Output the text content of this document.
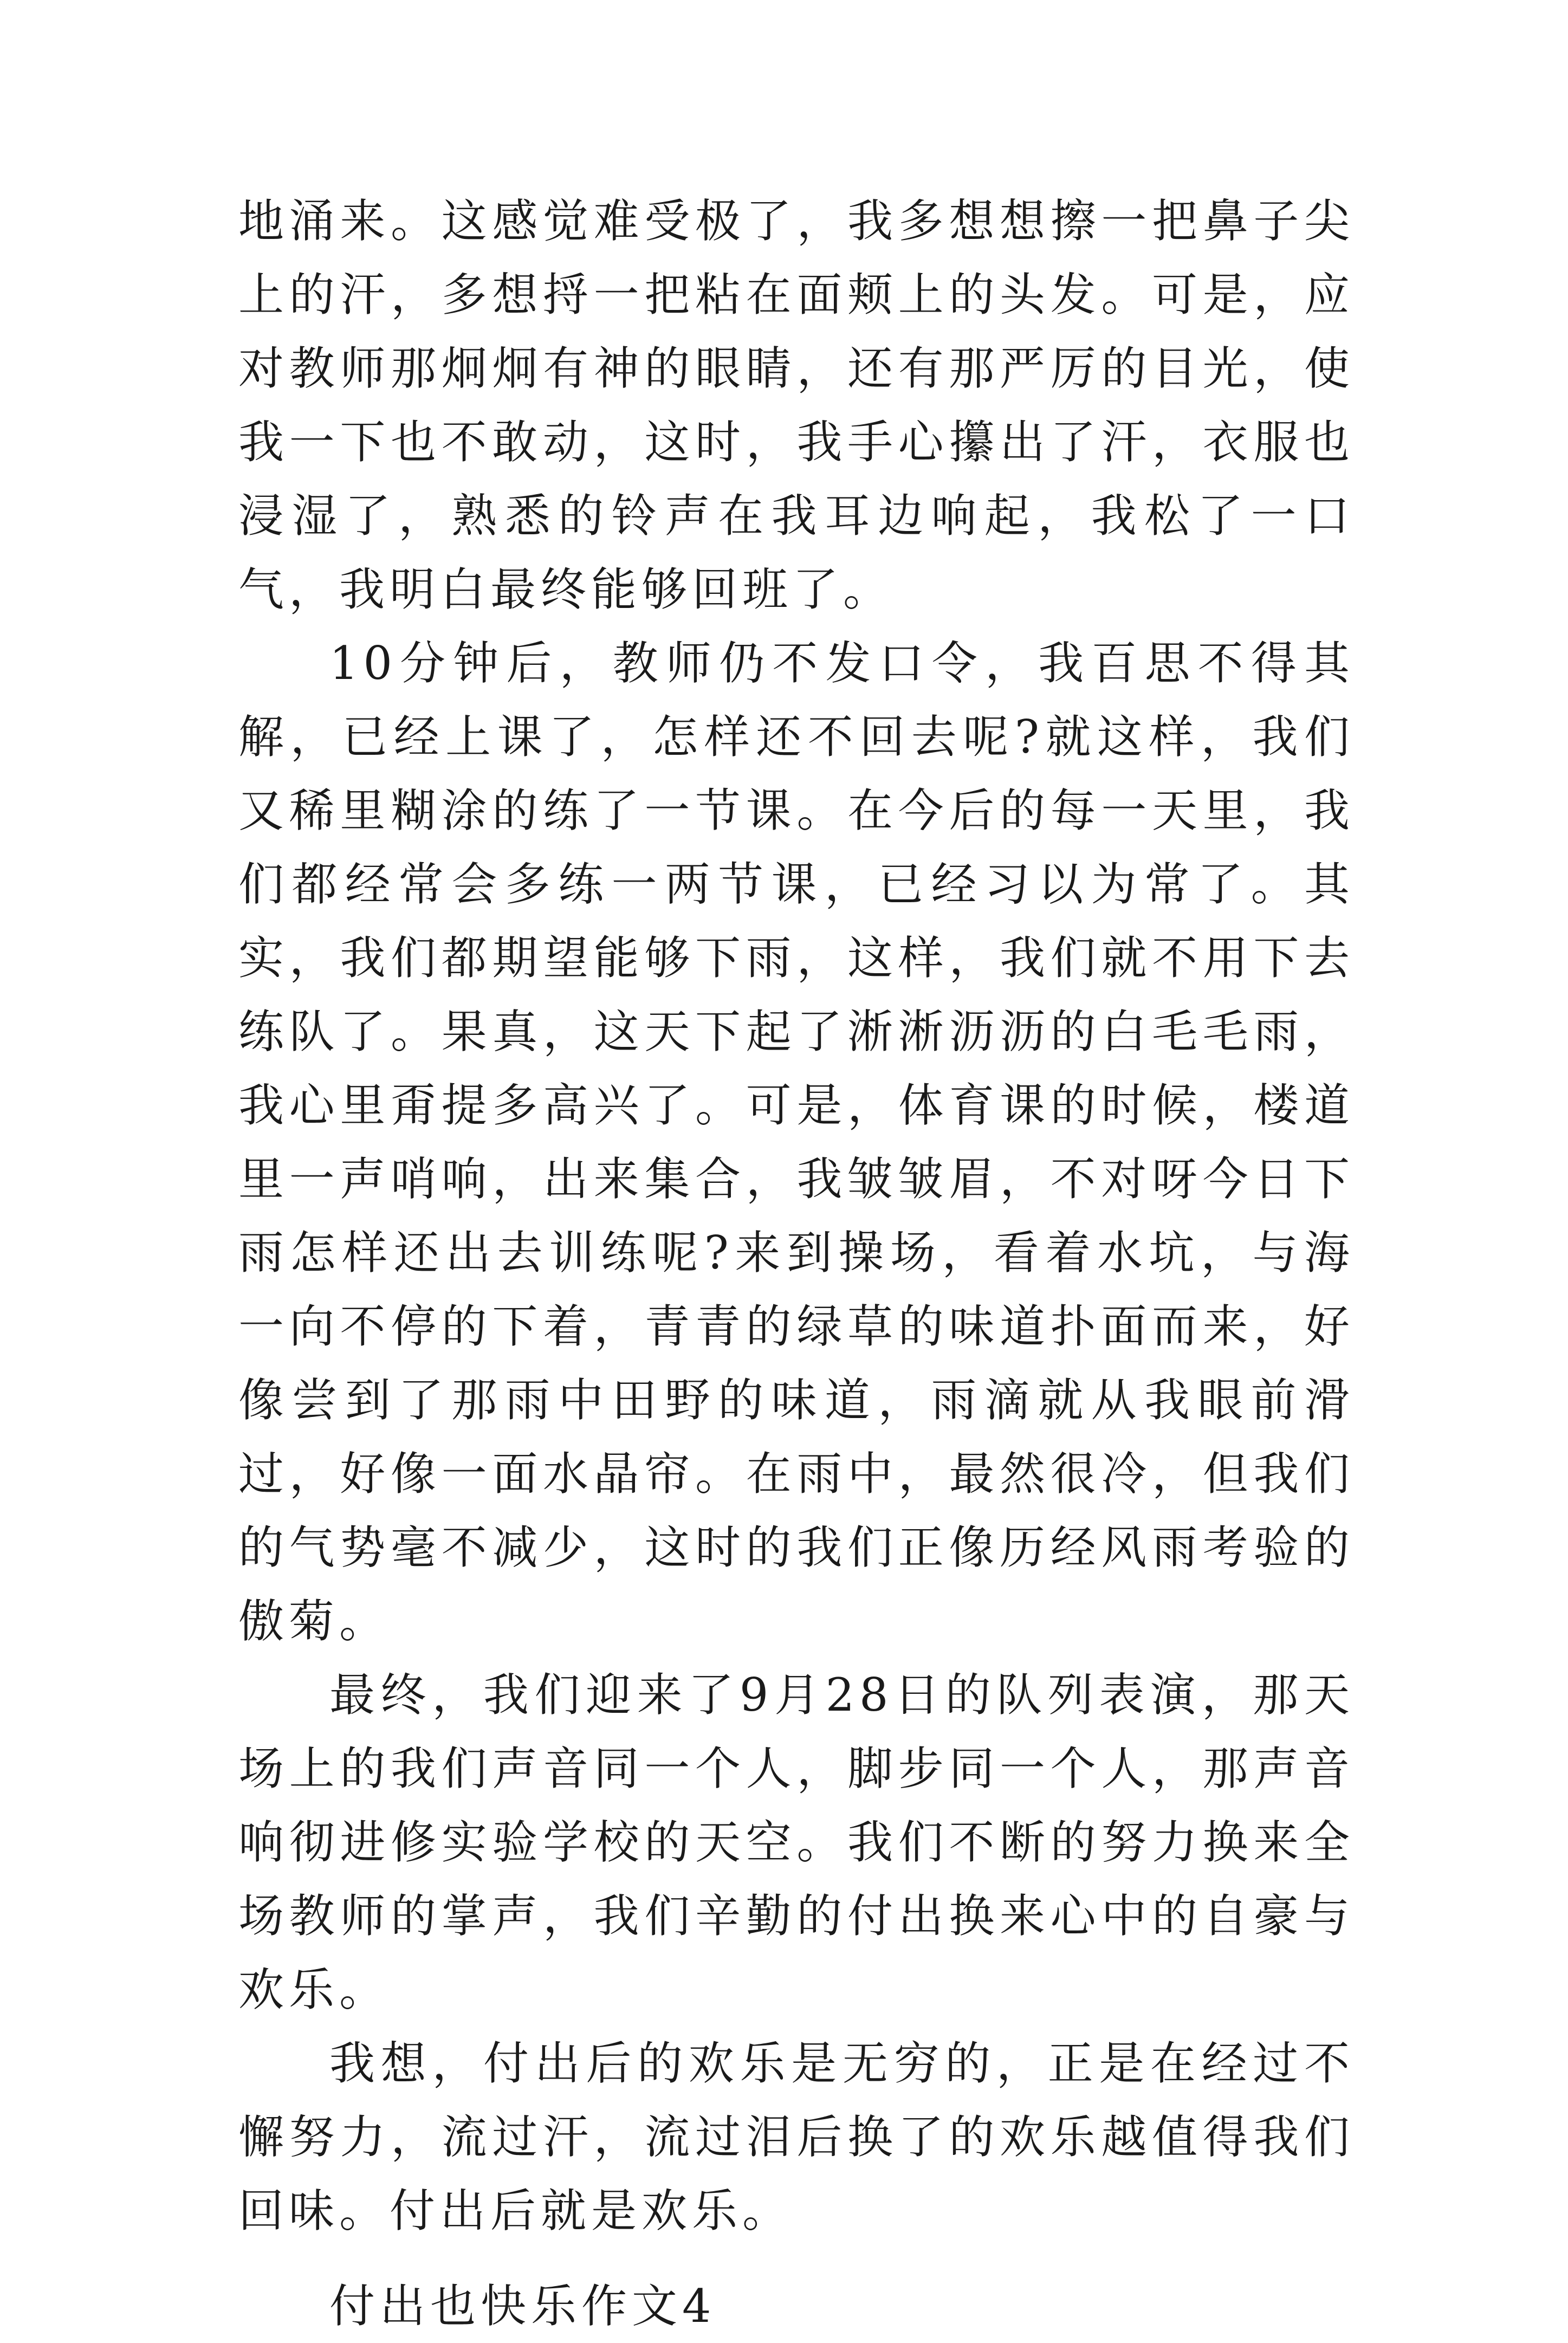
地涌来。这感觉难受极了，我多想想擦一把鼻子尖上的汗，多想捋一把粘在面颊上的头发。可是，应对教师那炯炯有神的眼睛，还有那严厉的目光，使我一下也不敢动，这时，我手心攥出了汗，衣服也浸湿了，熟悉的铃声在我耳边响起，我松了一口气，我明白最终能够回班了。

10分钟后，教师仍不发口令，我百思不得其解，已经上课了，怎样还不回去呢?就这样，我们又稀里糊涂的练了一节课。在今后的每一天里，我们都经常会多练一两节课，已经习以为常了。其实，我们都期望能够下雨，这样，我们就不用下去练队了。果真，这天下起了淅淅沥沥的白毛毛雨，我心里甭提多高兴了。可是，体育课的时候，楼道里一声哨响，出来集合，我皱皱眉，不对呀今日下雨怎样还出去训练呢?来到操场，看着水坑，与海一向不停的下着，青青的绿草的味道扑面而来，好像尝到了那雨中田野的味道，雨滴就从我眼前滑过，好像一面水晶帘。在雨中，最然很冷，但我们的气势毫不减少，这时的我们正像历经风雨考验的傲菊。

最终，我们迎来了9月28日的队列表演，那天场上的我们声音同一个人，脚步同一个人，那声音响彻进修实验学校的天空。我们不断的努力换来全场教师的掌声，我们辛勤的付出换来心中的自豪与欢乐。

我想，付出后的欢乐是无穷的，正是在经过不懈努力，流过汗，流过泪后换了的欢乐越值得我们回味。付出后就是欢乐。

付出也快乐作文4
